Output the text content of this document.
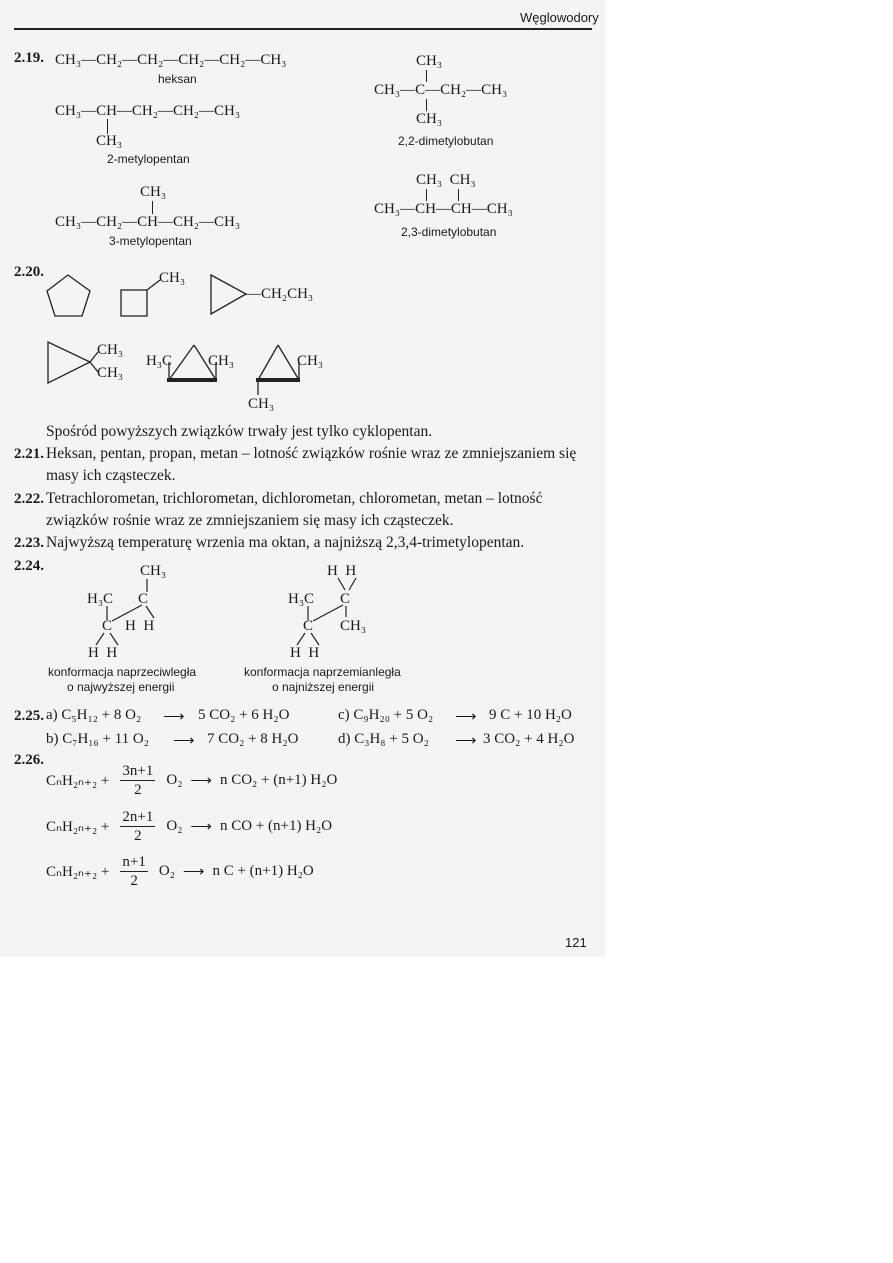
Węglowodory
2.19. CH₃—CH₂—CH₂—CH₂—CH₂—CH₃
heksan
CH₃—CH—CH₂—CH₂—CH₃
CH₃
2-metylopentan
CH₃
CH₃—CH₂—CH—CH₂—CH₃
3-metylopentan
CH₃
CH₃—C—CH₂—CH₃
CH₃
2,2-dimetylobutan
CH₃  CH₃
CH₃—CH—CH—CH₃
2,3-dimetylobutan
2.20.	CH₃
—CH₂CH₃
CH₃
CH₃
H₃C CH₃	CH₃
CH₃
Spośród powyższych związków trwały jest tylko cyklopentan.
2.21. Heksan, pentan, propan, metan – lotność związków rośnie wraz ze zmniejszaniem się masy ich cząsteczek.
2.22. Tetrachlorometan, trichlorometan, dichlorometan, chlorometan, metan – lotność związków rośnie wraz ze zmniejszaniem się masy ich cząsteczek.
2.23. Najwyższą temperaturę wrzenia ma oktan, a najniższą 2,3,4-trimetylopentan.
2.24.	CH₃
H₃C C
C H  H
H  H
konformacja naprzeciwległa
o najwyższej energii
H  H
H₃C C
C CH₃
H  H
konformacja naprzemianległa
o najniższej energii
2.25. a) C₅H₁₂ + 8 O₂ ⟶ 5 CO₂ + 6 H₂O	c) C₉H₂₀ + 5 O₂ ⟶ 9 C + 10 H₂O
b) C₇H₁₆ + 11 O₂ ⟶ 7 CO₂ + 8 H₂O	d) C₃H₈ + 5 O₂ ⟶ 3 CO₂ + 4 H₂O
2.26.
$C_nH_{2n+2} + \frac{3n+1}{2} O_2$ ⟶ n CO₂ + (n+1) H₂O
$C_nH_{2n+2} + \frac{2n+1}{2} O_2$ ⟶ n CO + (n+1) H₂O
$C_nH_{2n+2} + \frac{n+1}{2} O_2$ ⟶ n C + (n+1) H₂O
121
